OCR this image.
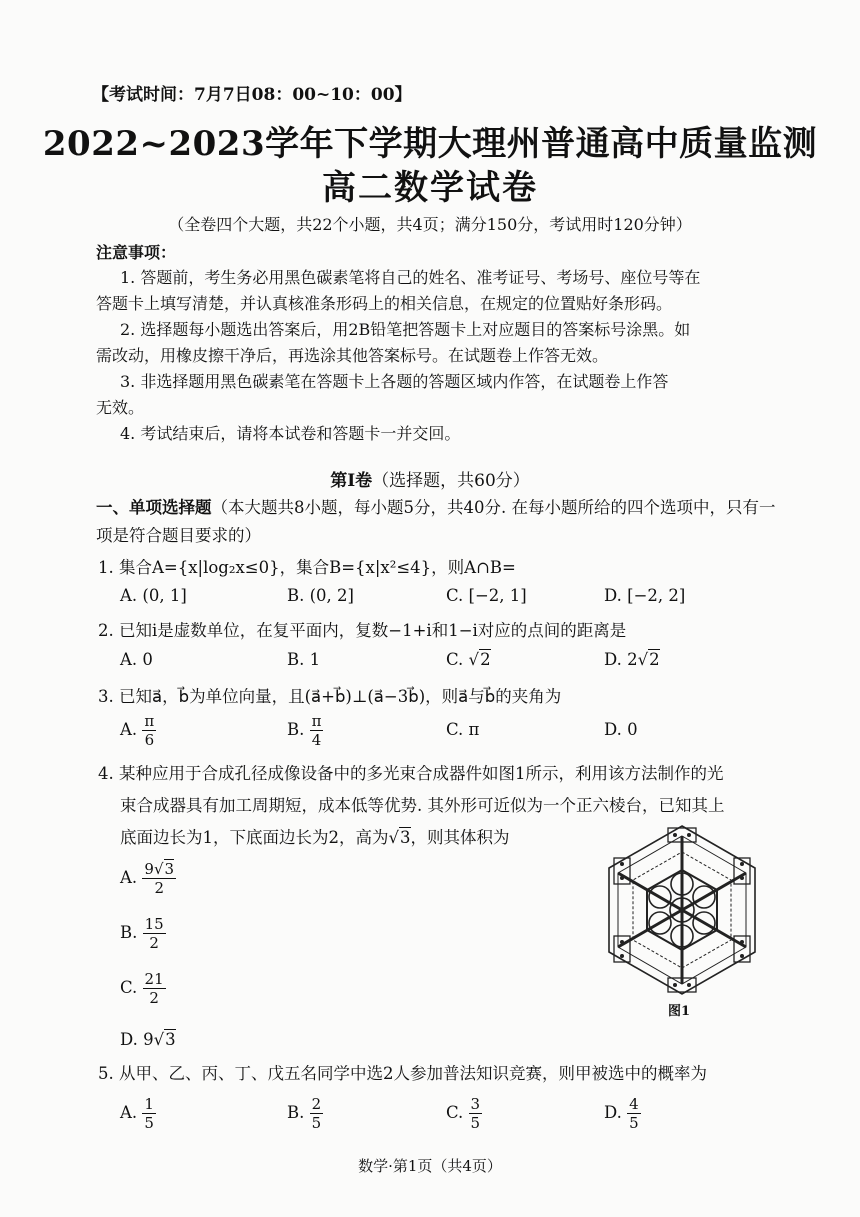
【考试时间：7月7日08：00~10：00】
2022~2023学年下学期大理州普通高中质量监测
高二数学试卷
（全卷四个大题，共22个小题，共4页；满分150分，考试用时120分钟）
注意事项：
1. 答题前，考生务必用黑色碳素笔将自己的姓名、准考证号、考场号、座位号等在
答题卡上填写清楚，并认真核准条形码上的相关信息，在规定的位置贴好条形码。
2. 选择题每小题选出答案后，用2B铅笔把答题卡上对应题目的答案标号涂黑。如
需改动，用橡皮擦干净后，再选涂其他答案标号。在试题卷上作答无效。
3. 非选择题用黑色碳素笔在答题卡上各题的答题区域内作答，在试题卷上作答
无效。
4. 考试结束后，请将本试卷和答题卡一并交回。
第Ⅰ卷（选择题，共60分）
一、单项选择题（本大题共8小题，每小题5分，共40分. 在每小题所给的四个选项中，只有一项是符合题目要求的）
1. 集合A={x|log₂x≤0}，集合B={x|x²≤4}，则A∩B=
A. (0, 1]	B. (0, 2]	C. [−2, 1]	D. [−2, 2]
2. 已知i是虚数单位，在复平面内，复数−1+i和1−i对应的点间的距离是
A. 0	B. 1	C. √2	D. 2√2
3. 已知a⃗，b⃗为单位向量，且(a⃗+b⃗)⊥(a⃗−3b⃗)，则a⃗与b⃗的夹角为
A. $\frac{\pi}{6}$	B. $\frac{\pi}{4}$	C. π	D. 0
4. 某种应用于合成孔径成像设备中的多光束合成器件如图1所示，利用该方法制作的光
束合成器具有加工周期短，成本低等优势. 其外形可近似为一个正六棱台，已知其上
底面边长为1，下底面边长为2，高为√3，则其体积为
A. $\frac{9√3}{2}$
B. $\frac{15}{2}$
C. $\frac{21}{2}$
D. 9√3
图1
5. 从甲、乙、丙、丁、戊五名同学中选2人参加普法知识竞赛，则甲被选中的概率为
A. $\frac{1}{5}$	B. $\frac{2}{5}$	C. $\frac{3}{5}$	D. $\frac{4}{5}$
数学·第1页（共4页）
